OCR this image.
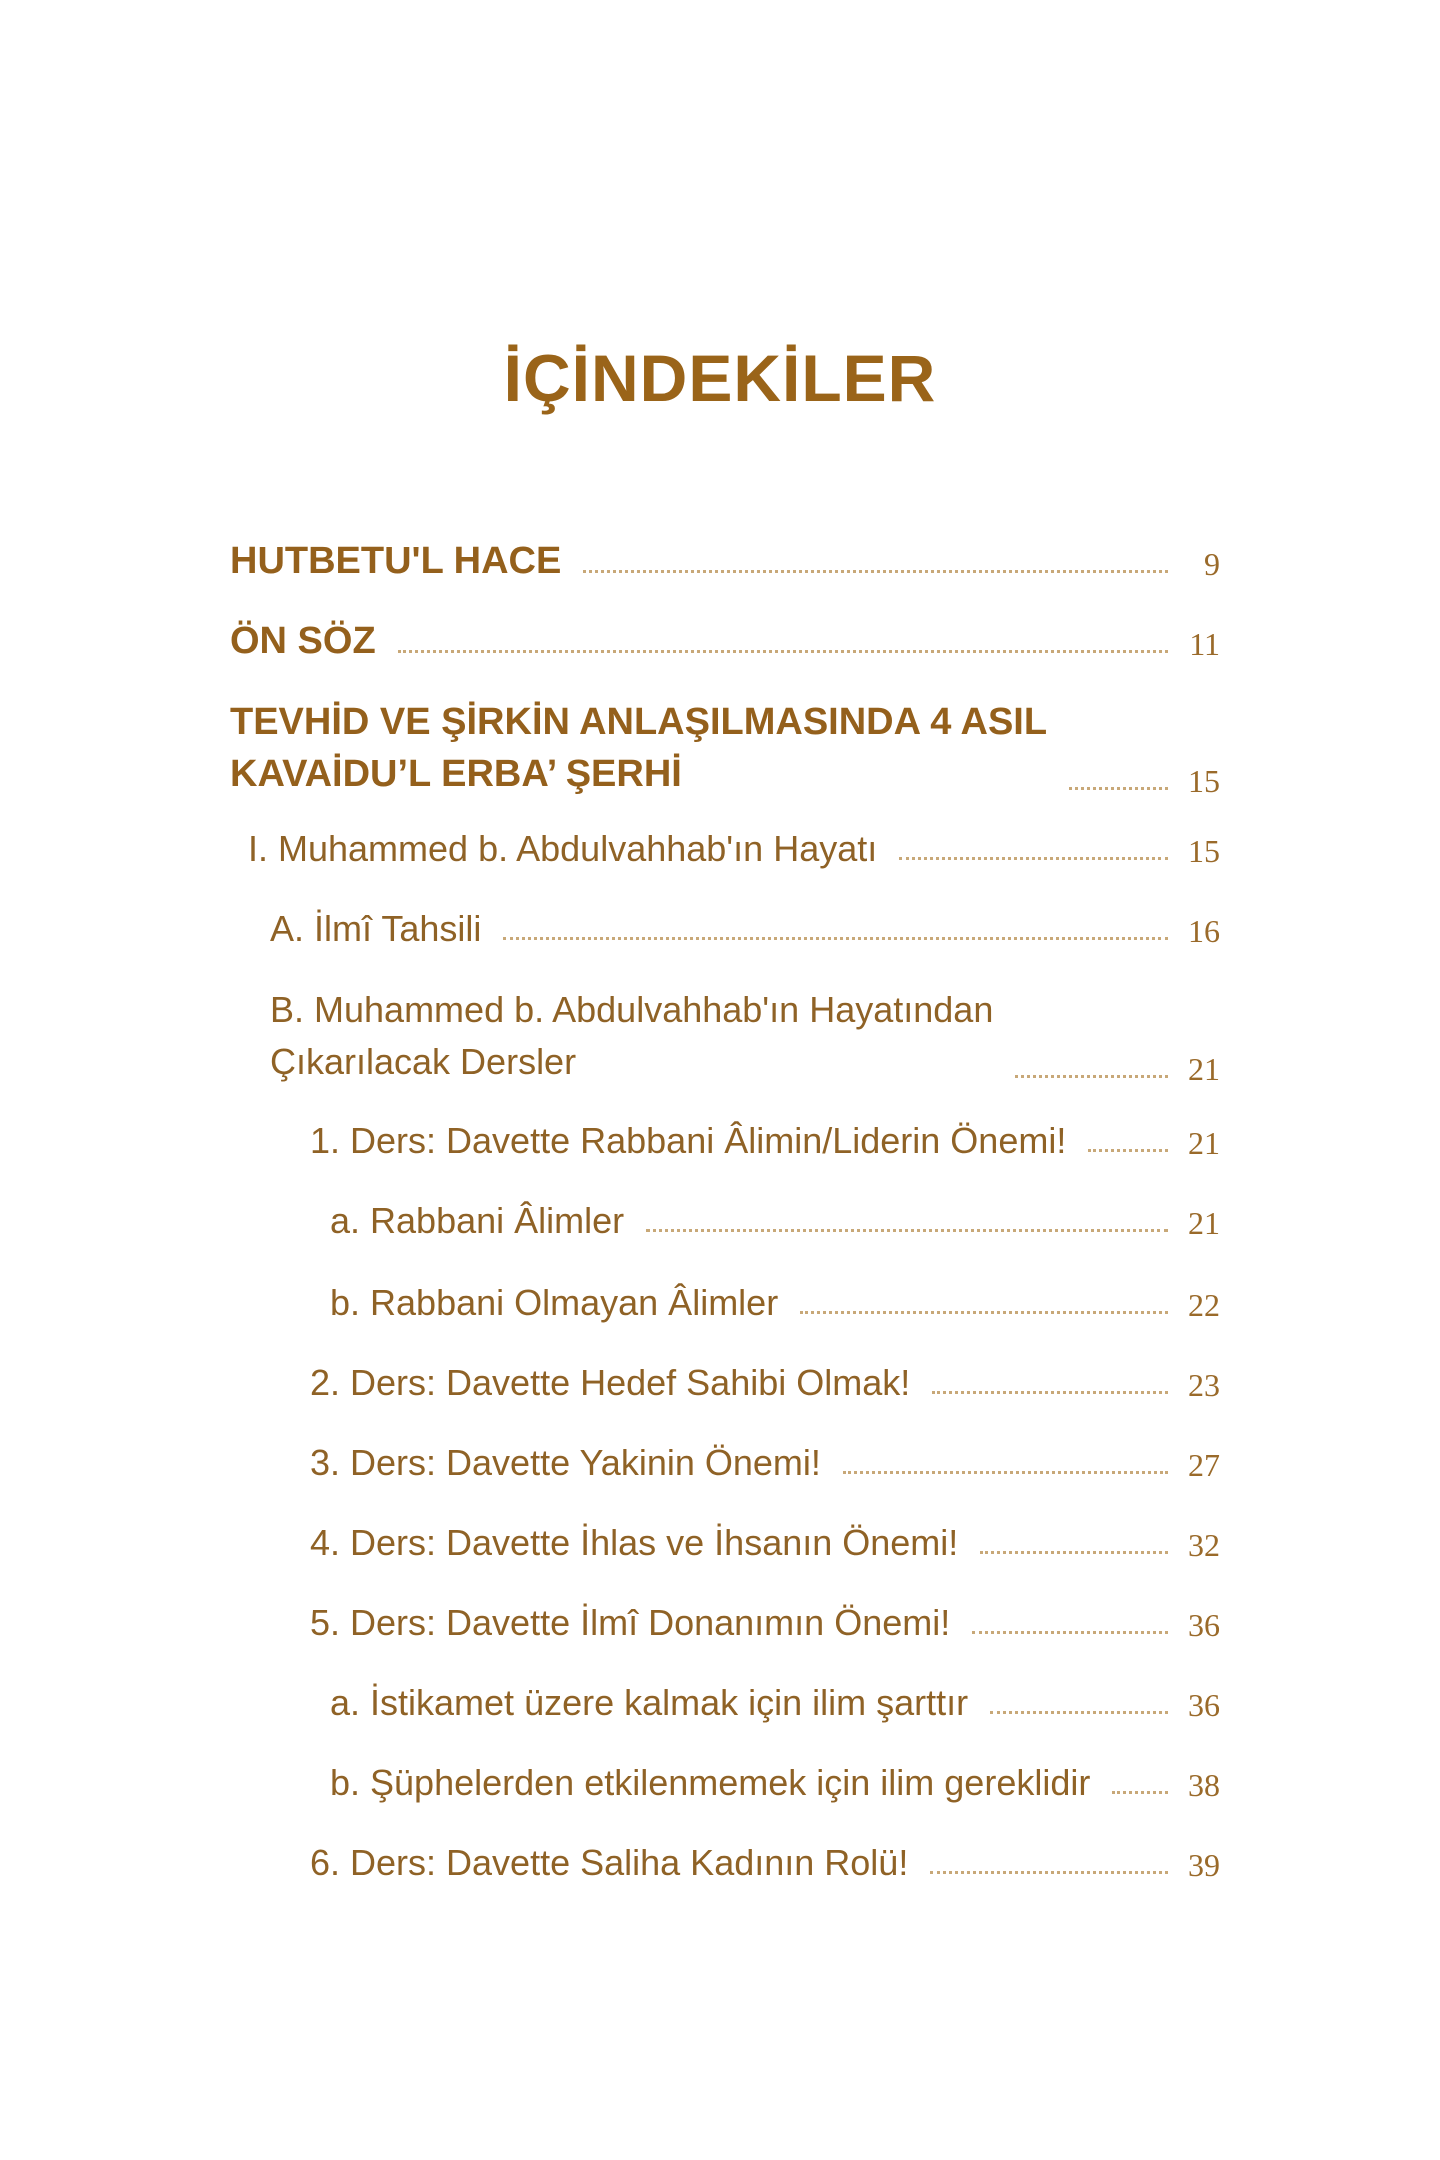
İÇİNDEKİLER
HUTBETU'L HACE	9
ÖN SÖZ	11
TEVHİD VE ŞİRKİN ANLAŞILMASINDA 4 ASIL
KAVAİDU’L ERBA’ ŞERHİ	15
I. Muhammed b. Abdulvahhab'ın Hayatı	15
A. İlmî Tahsili	16
B. Muhammed b. Abdulvahhab'ın Hayatından
Çıkarılacak Dersler	21
1. Ders: Davette Rabbani Âlimin/Liderin Önemi!	21
a. Rabbani Âlimler	21
b. Rabbani Olmayan Âlimler	22
2. Ders: Davette Hedef Sahibi Olmak!	23
3. Ders: Davette Yakinin Önemi!	27
4. Ders: Davette İhlas ve İhsanın Önemi!	32
5. Ders: Davette İlmî Donanımın Önemi!	36
a. İstikamet üzere kalmak için ilim şarttır	36
b. Şüphelerden etkilenmemek için ilim gereklidir	38
6. Ders: Davette Saliha Kadının Rolü!	39
